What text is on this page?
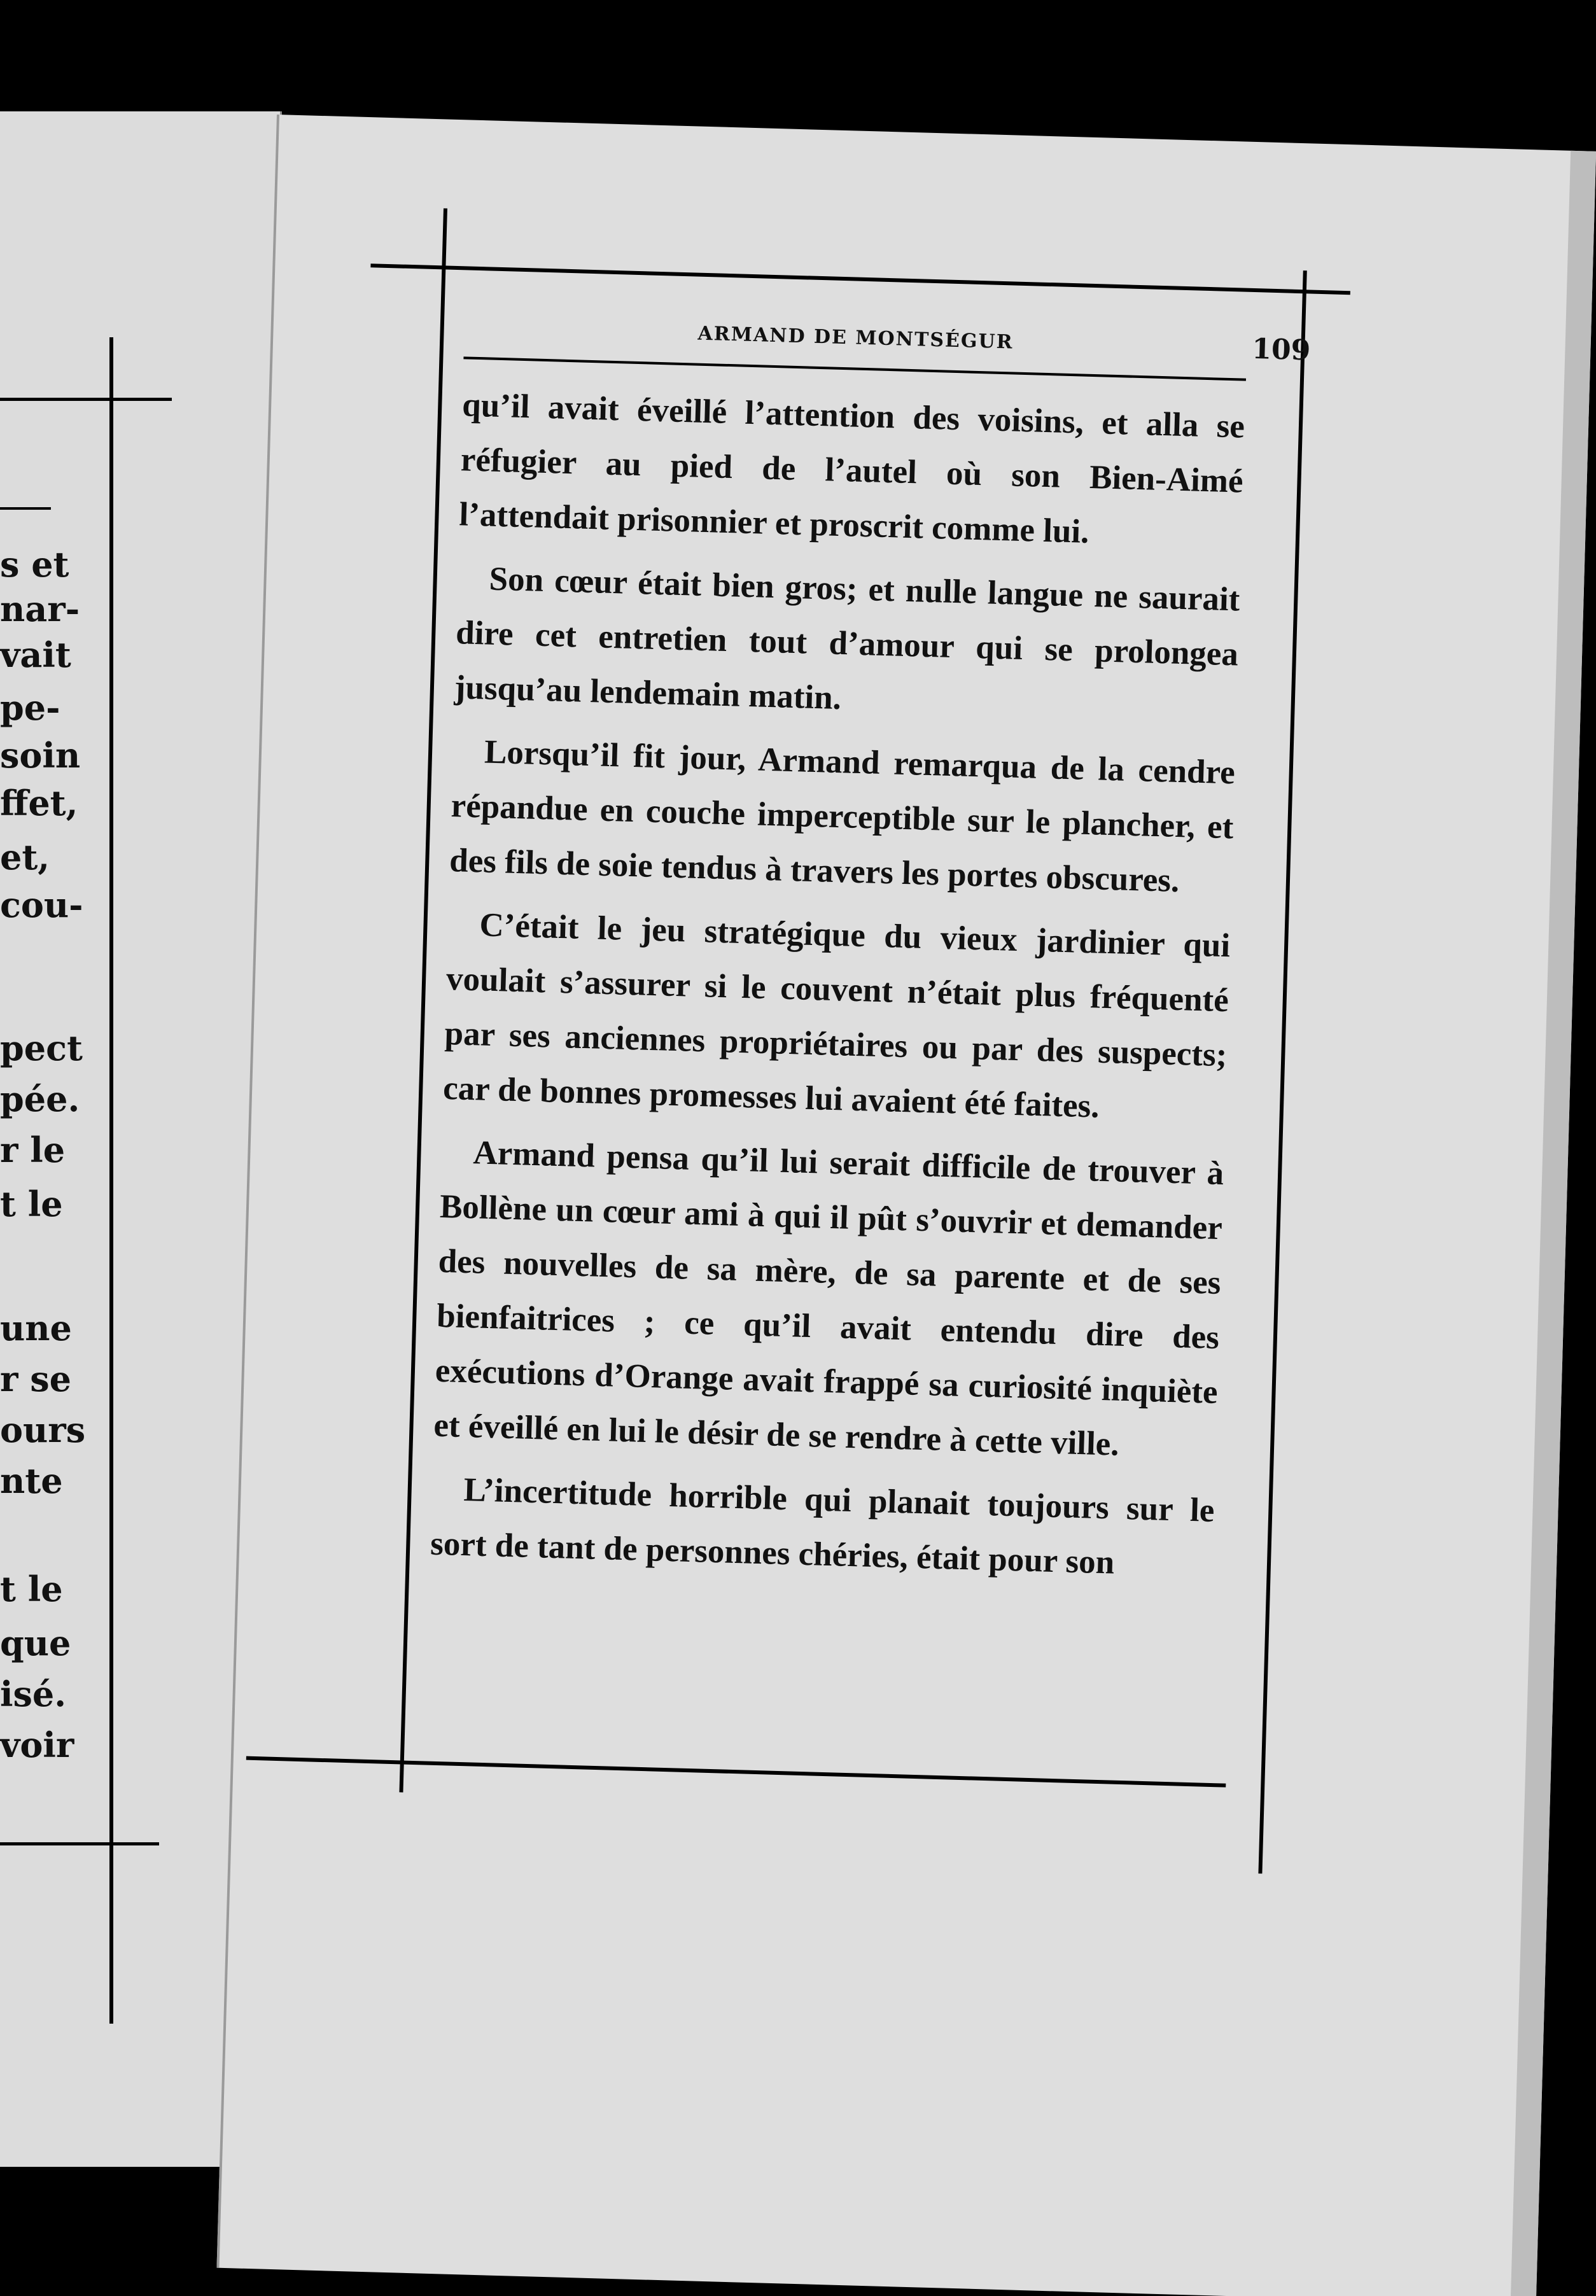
s et
nar-
vait
pe-
soin
ffet,
et,
cou-
pect
pée.
r le
t le
une
r se
ours
nte
t le
que
isé.
voir
ARMAND DE MONTSÉGUR	109

qu’il avait éveillé l’attention des voisins, et alla se réfugier au pied de l’autel où son Bien-Aimé l’attendait prisonnier et proscrit comme lui.

Son cœur était bien gros; et nulle langue ne saurait dire cet entretien tout d’amour qui se prolongea jusqu’au lendemain matin.

Lorsqu’il fit jour, Armand remarqua de la cendre répandue en couche imperceptible sur le plancher, et des fils de soie tendus à travers les portes obscures.

C’était le jeu stratégique du vieux jardinier qui voulait s’assurer si le couvent n’était plus fréquenté par ses anciennes propriétaires ou par des suspects; car de bonnes promesses lui avaient été faites.

Armand pensa qu’il lui serait difficile de trouver à Bollène un cœur ami à qui il pût s’ouvrir et demander des nouvelles de sa mère, de sa parente et de ses bienfaitrices ; ce qu’il avait entendu dire des exécutions d’Orange avait frappé sa curiosité inquiète et éveillé en lui le désir de se rendre à cette ville.

L’incertitude horrible qui planait toujours sur le sort de tant de personnes chéries, était pour son
